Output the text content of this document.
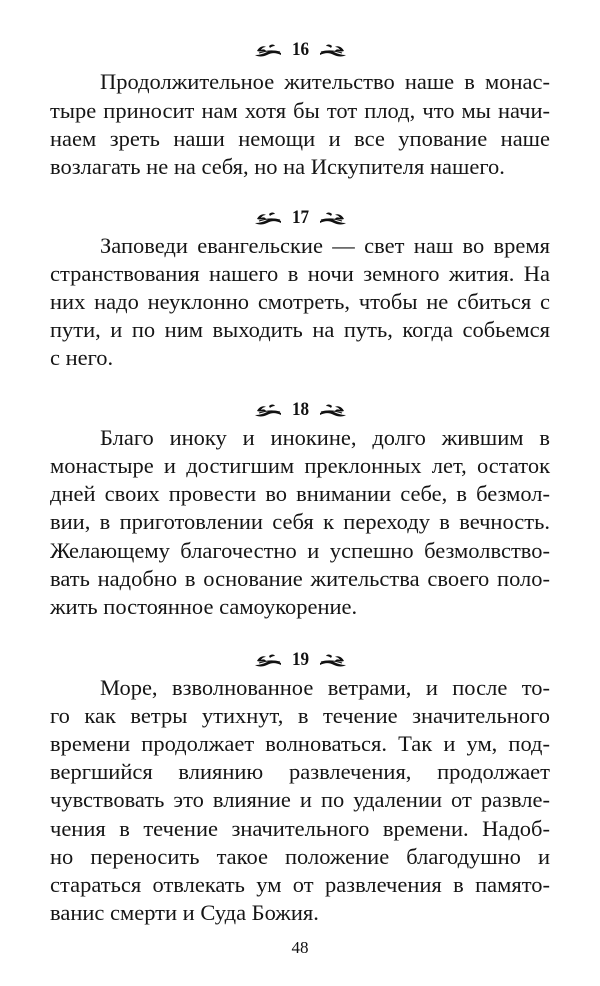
16
Продолжительное жительство наше в монас-
тыре приносит нам хотя бы тот плод, что мы начи-
наем зреть наши немощи и все упование наше
возлагать не на себя, но на Искупителя нашего.
17
Заповеди евангельские — свет наш во время
странствования нашего в ночи земного жития. На
них надо неуклонно смотреть, чтобы не сбиться с
пути, и по ним выходить на путь, когда собьемся
с него.
18
Благо иноку и инокине, долго жившим в
монастыре и достигшим преклонных лет, остаток
дней своих провести во внимании себе, в безмол-
вии, в приготовлении себя к переходу в вечность.
Желающему благочестно и успешно безмолвство-
вать надобно в основание жительства своего поло-
жить постоянное самоукорение.
19
Море, взволнованное ветрами, и после то-
го как ветры утихнут, в течение значительного
времени продолжает волноваться. Так и ум, под-
вергшийся влиянию развлечения, продолжает
чувствовать это влияние и по удалении от развле-
чения в течение значительного времени. Надоб-
но переносить такое положение благодушно и
стараться отвлекать ум от развлечения в памято-
ванис смерти и Суда Божия.
48
